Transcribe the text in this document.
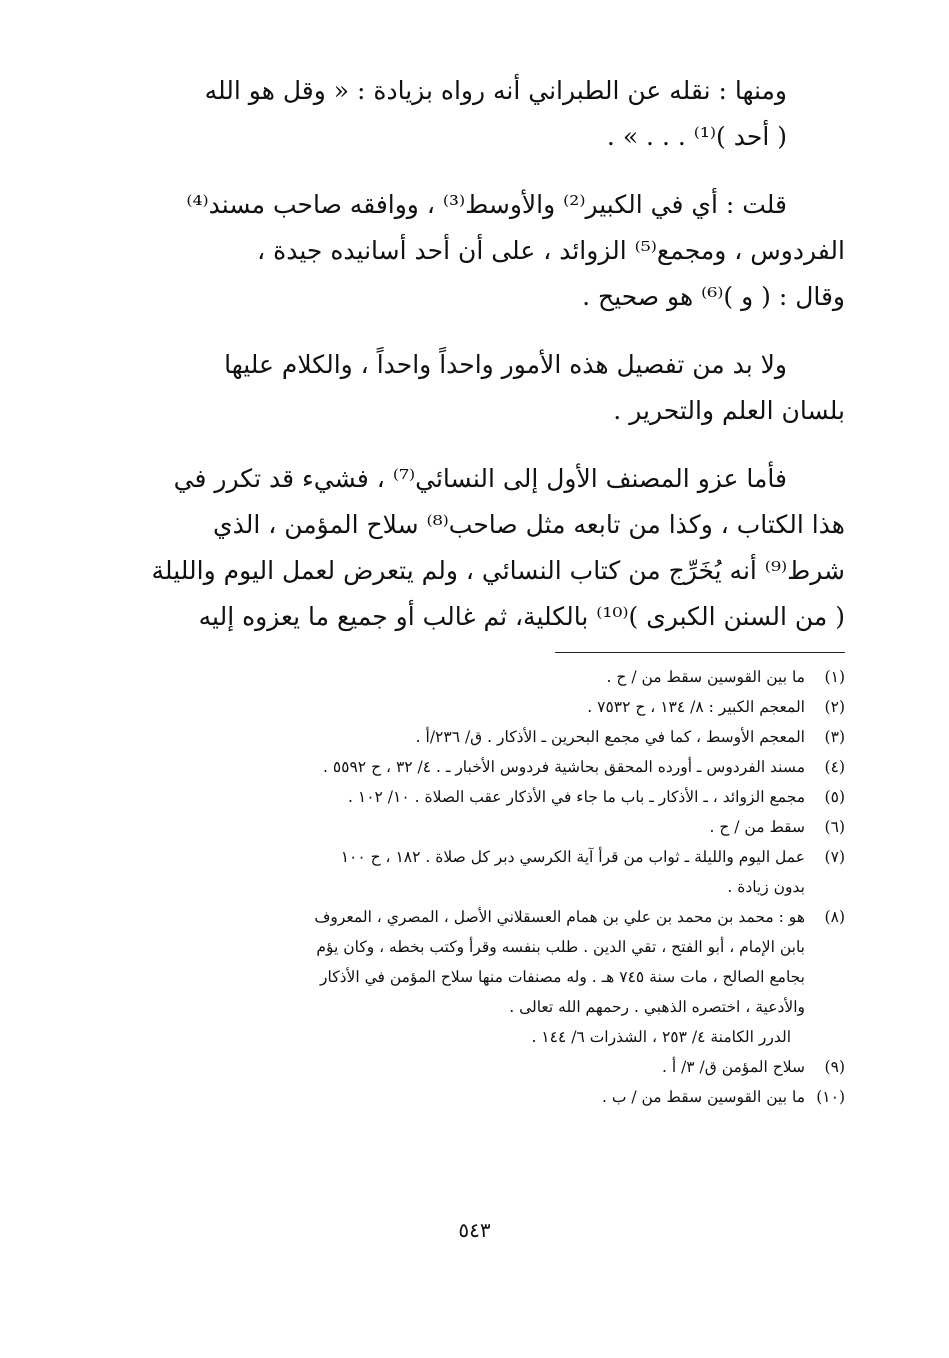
ومنها : نقله عن الطبراني أنه رواه بزيادة : « وقل هو الله
( أحد )⁽¹⁾ . . . » .
قلت : أي في الكبير⁽²⁾ والأوسط⁽³⁾ ، ووافقه صاحب مسند⁽⁴⁾
الفردوس ، ومجمع⁽⁵⁾ الزوائد ، على أن أحد أسانيده جيدة ،
وقال : ( و )⁽⁶⁾ هو صحيح .
ولا بد من تفصيل هذه الأمور واحداً واحداً ، والكلام عليها
بلسان العلم والتحرير .
فأما عزو المصنف الأول إلى النسائي⁽⁷⁾ ، فشيء قد تكرر في
هذا الكتاب ، وكذا من تابعه مثل صاحب⁽⁸⁾ سلاح المؤمن ، الذي
شرط⁽⁹⁾ أنه يُخَرِّج من كتاب النسائي ، ولم يتعرض لعمل اليوم والليلة
( من السنن الكبرى )⁽¹⁰⁾ بالكلية، ثم غالب أو جميع ما يعزوه إليه
(١)
ما بين القوسين سقط من / ح .
(٢)
المعجم الكبير : ٨/ ١٣٤ ، ح ٧٥٣٢ .
(٣)
المعجم الأوسط ، كما في مجمع البحرين ـ الأذكار . ق/ ٢٣٦/أ .
(٤)
مسند الفردوس ـ أورده المحقق بحاشية فردوس الأخبار ـ . ٤/ ٣٢ ، ح ٥٥٩٢ .
(٥)
مجمع الزوائد ، ـ الأذكار ـ باب ما جاء في الأذكار عقب الصلاة . ١٠/ ١٠٢ .
(٦)
سقط من / ح .
(٧)
عمل اليوم والليلة ـ ثواب من قرأ آية الكرسي دبر كل صلاة . ١٨٢ ، ح ١٠٠
بدون زيادة .
(٨)
هو : محمد بن محمد بن علي بن همام العسقلاني الأصل ، المصري ، المعروف
بابن الإمام ، أبو الفتح ، تقي الدين . طلب بنفسه وقرأ وكتب بخطه ، وكان يؤم
بجامع الصالح ، مات سنة ٧٤٥ هـ . وله مصنفات منها سلاح المؤمن في الأذكار
والأدعية ، اختصره الذهبي . رحمهم الله تعالى .
الدرر الكامنة ٤/ ٢٥٣ ، الشذرات ٦/ ١٤٤ .
(٩)
سلاح المؤمن ق/ ٣/ أ .
(١٠)
ما بين القوسين سقط من / ب .
٥٤٣
